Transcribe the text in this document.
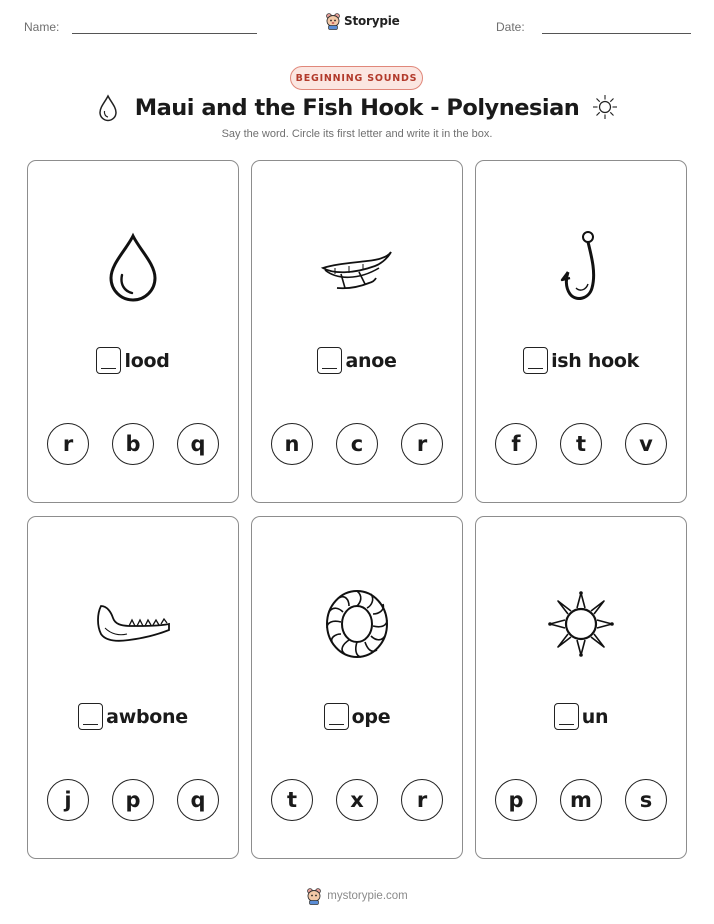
Name:	Date:
Storypie
BEGINNING SOUNDS
Maui and the Fish Hook - Polynesian
Say the word. Circle its first letter and write it in the box.
lood
r	b	q
anoe
n	c	r
ish hook
f	t	v
awbone
j	p	q
ope
t	x	r
un
p	m	s
mystorypie.com
